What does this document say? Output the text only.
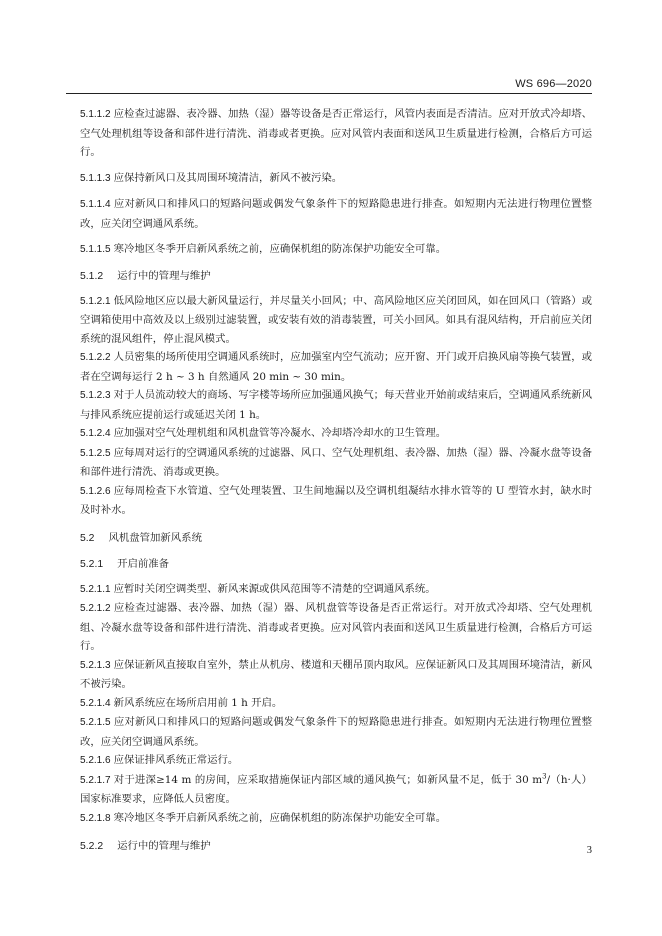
WS 696—2020

5.1.1.2 应检查过滤器、表冷器、加热（湿）器等设备是否正常运行，风管内表面是否清洁。应对开放式冷却塔、空气处理机组等设备和部件进行清洗、消毒或者更换。应对风管内表面和送风卫生质量进行检测，合格后方可运行。

5.1.1.3 应保持新风口及其周围环境清洁，新风不被污染。

5.1.1.4 应对新风口和排风口的短路问题或偶发气象条件下的短路隐患进行排查。如短期内无法进行物理位置整改，应关闭空调通风系统。

5.1.1.5 寒冷地区冬季开启新风系统之前，应确保机组的防冻保护功能安全可靠。

5.1.2 运行中的管理与维护

5.1.2.1 低风险地区应以最大新风量运行，并尽量关小回风；中、高风险地区应关闭回风，如在回风口（管路）或空调箱使用中高效及以上级别过滤装置，或安装有效的消毒装置，可关小回风。如具有混风结构，开启前应关闭系统的混风组件，停止混风模式。

5.1.2.2 人员密集的场所使用空调通风系统时，应加强室内空气流动；应开窗、开门或开启换风扇等换气装置，或者在空调每运行 2 h ~ 3 h 自然通风 20 min ~ 30 min。

5.1.2.3 对于人员流动较大的商场、写字楼等场所应加强通风换气；每天营业开始前或结束后，空调通风系统新风与排风系统应提前运行或延迟关闭 1 h。

5.1.2.4 应加强对空气处理机组和风机盘管等冷凝水、冷却塔冷却水的卫生管理。

5.1.2.5 应每周对运行的空调通风系统的过滤器、风口、空气处理机组、表冷器、加热（湿）器、冷凝水盘等设备和部件进行清洗、消毒或更换。

5.1.2.6 应每周检查下水管道、空气处理装置、卫生间地漏以及空调机组凝结水排水管等的 U 型管水封，缺水时及时补水。

5.2 风机盘管加新风系统
5.2.1 开启前准备

5.2.1.1 应暂时关闭空调类型、新风来源或供风范围等不清楚的空调通风系统。

5.2.1.2 应检查过滤器、表冷器、加热（湿）器、风机盘管等设备是否正常运行。对开放式冷却塔、空气处理机组、冷凝水盘等设备和部件进行清洗、消毒或者更换。应对风管内表面和送风卫生质量进行检测，合格后方可运行。

5.2.1.3 应保证新风直接取自室外，禁止从机房、楼道和天棚吊顶内取风。应保证新风口及其周围环境清洁，新风不被污染。

5.2.1.4 新风系统应在场所启用前 1 h 开启。

5.2.1.5 应对新风口和排风口的短路问题或偶发气象条件下的短路隐患进行排查。如短期内无法进行物理位置整改，应关闭空调通风系统。

5.2.1.6 应保证排风系统正常运行。

5.2.1.7 对于进深≥14 m 的房间，应采取措施保证内部区域的通风换气；如新风量不足，低于 30 $m^3/(h\cdot$人）国家标准要求，应降低人员密度。

5.2.1.8 寒冷地区冬季开启新风系统之前，应确保机组的防冻保护功能安全可靠。

5.2.2 运行中的管理与维护	3
